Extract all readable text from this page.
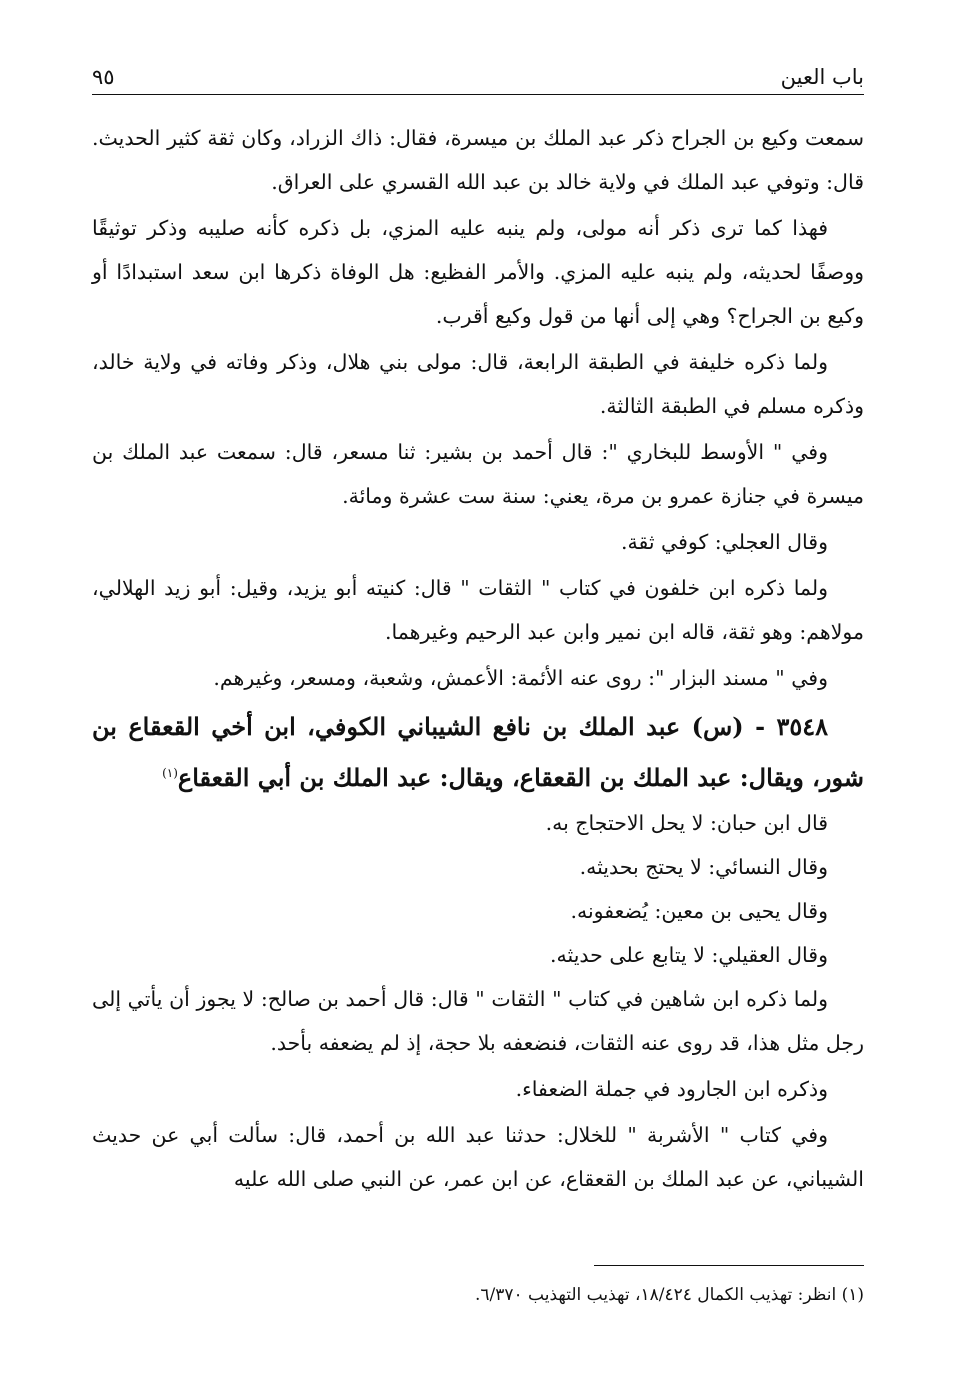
باب العين
٩٥

سمعت وكيع بن الجراح ذكر عبد الملك بن ميسرة، فقال: ذاك الزراد، وكان ثقة كثير الحديث. قال: وتوفي عبد الملك في ولاية خالد بن عبد الله القسري على العراق.

فهذا كما ترى ذكر أنه مولى، ولم ينبه عليه المزي، بل ذكره كأنه صليبه وذكر توثيقًا ووصفًا لحديثه، ولم ينبه عليه المزي. والأمر الفظيع: هل الوفاة ذكرها ابن سعد استبدادًا أو وكيع بن الجراح؟ وهي إلى أنها من قول وكيع أقرب.

ولما ذكره خليفة في الطبقة الرابعة، قال: مولى بني هلال، وذكر وفاته في ولاية خالد، وذكره مسلم في الطبقة الثالثة.

وفي " الأوسط للبخاري ": قال أحمد بن بشير: ثنا مسعر، قال: سمعت عبد الملك بن ميسرة في جنازة عمرو بن مرة، يعني: سنة ست عشرة ومائة.

وقال العجلي: كوفي ثقة.

ولما ذكره ابن خلفون في كتاب " الثقات " قال: كنيته أبو يزيد، وقيل: أبو زيد الهلالي، مولاهم: وهو ثقة، قاله ابن نمير وابن عبد الرحيم وغيرهما.

وفي " مسند البزار ": روى عنه الأئمة: الأعمش، وشعبة، ومسعر، وغيرهم.

٣٥٤٨ - (س) عبد الملك بن نافع الشيباني الكوفي، ابن أخي القعقاع بن شور، ويقال: عبد الملك بن القعقاع، ويقال: عبد الملك بن أبي القعقاع$^{(١)}$

قال ابن حبان: لا يحل الاحتجاج به.

وقال النسائي: لا يحتج بحديثه.

وقال يحيى بن معين: يُضعفونه.

وقال العقيلي: لا يتابع على حديثه.

ولما ذكره ابن شاهين في كتاب " الثقات " قال: قال أحمد بن صالح: لا يجوز أن يأتي إلى رجل مثل هذا، قد روى عنه الثقات، فنضعفه بلا حجة، إذ لم يضعفه بأحد.

وذكره ابن الجارود في جملة الضعفاء.

وفي كتاب " الأشربة " للخلال: حدثنا عبد الله بن أحمد، قال: سألت أبي عن حديث الشيباني، عن عبد الملك بن القعقاع، عن ابن عمر، عن النبي صلى الله عليه

(١) انظر: تهذيب الكمال ١٨/٤٢٤، تهذيب التهذيب ٦/٣٧٠.
